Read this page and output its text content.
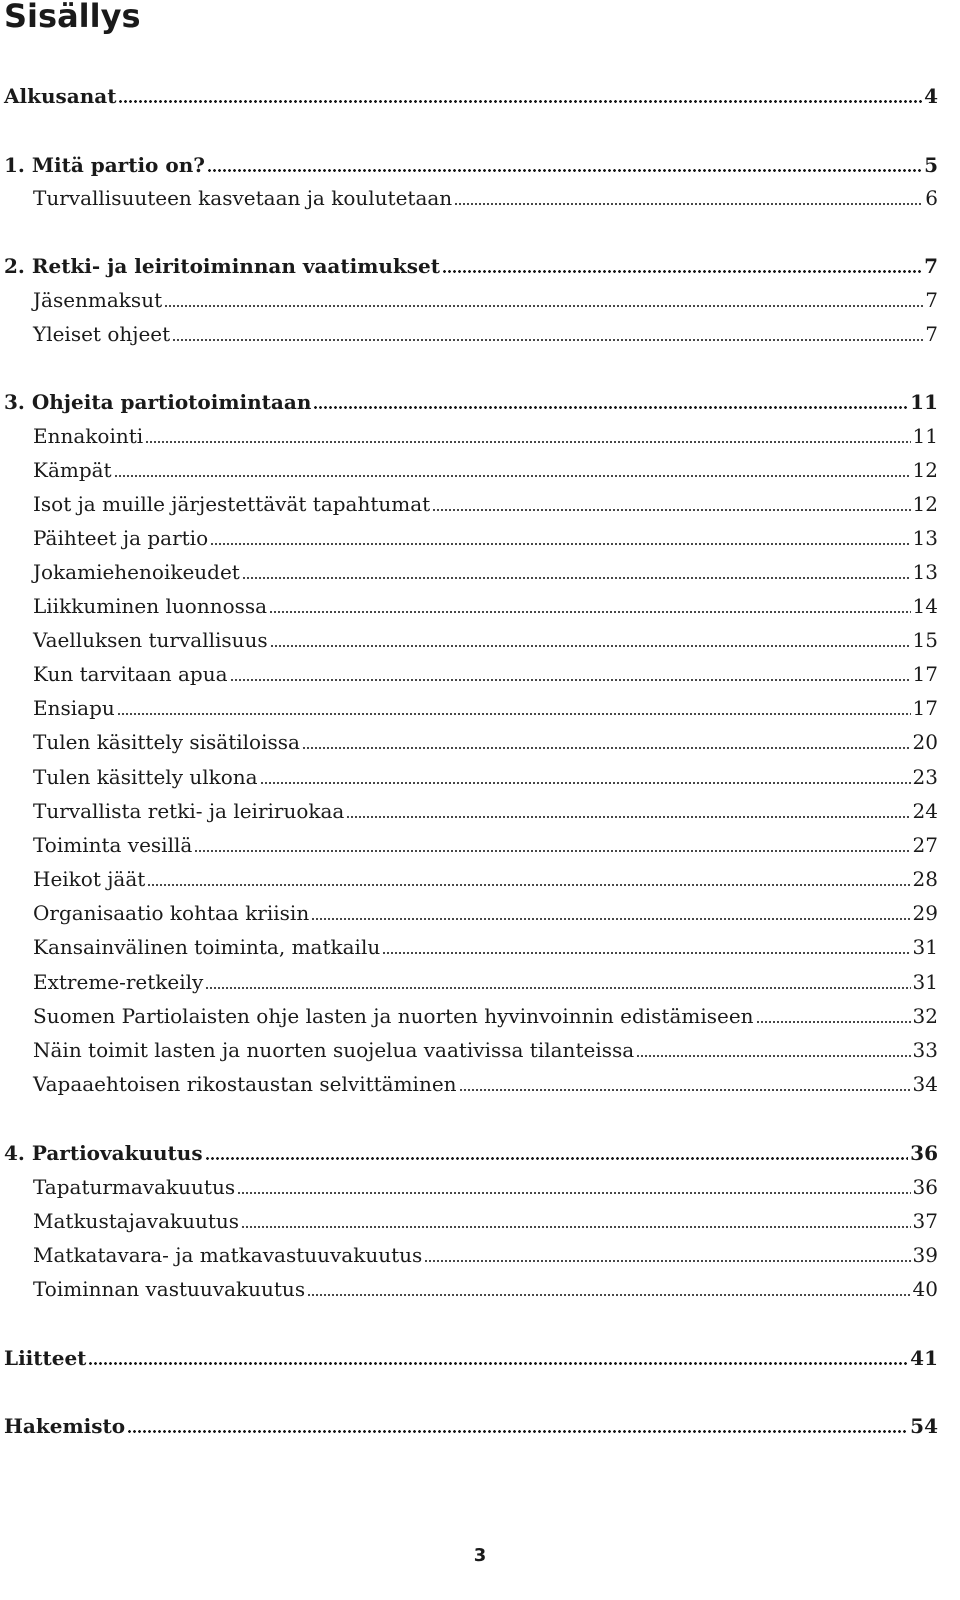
Sisällys
Alkusanat	4
1. Mitä partio on?	5
Turvallisuuteen kasvetaan ja koulutetaan	6
2. Retki- ja leiritoiminnan vaatimukset	7
Jäsenmaksut	7
Yleiset ohjeet	7
3. Ohjeita partiotoimintaan	11
Ennakointi	11
Kämpät	12
Isot ja muille järjestettävät tapahtumat	12
Päihteet ja partio	13
Jokamiehenoikeudet	13
Liikkuminen luonnossa	14
Vaelluksen turvallisuus	15
Kun tarvitaan apua	17
Ensiapu	17
Tulen käsittely sisätiloissa	20
Tulen käsittely ulkona	23
Turvallista retki- ja leiriruokaa	24
Toiminta vesillä	27
Heikot jäät	28
Organisaatio kohtaa kriisin	29
Kansainvälinen toiminta, matkailu	31
Extreme-retkeily	31
Suomen Partiolaisten ohje lasten ja nuorten hyvinvoinnin edistämiseen	32
Näin toimit lasten ja nuorten suojelua vaativissa tilanteissa	33
Vapaaehtoisen rikostaustan selvittäminen	34
4. Partiovakuutus	36
Tapaturmavakuutus	36
Matkustajavakuutus	37
Matkatavara- ja matkavastuuvakuutus	39
Toiminnan vastuuvakuutus	40
Liitteet	41
Hakemisto	54
3
